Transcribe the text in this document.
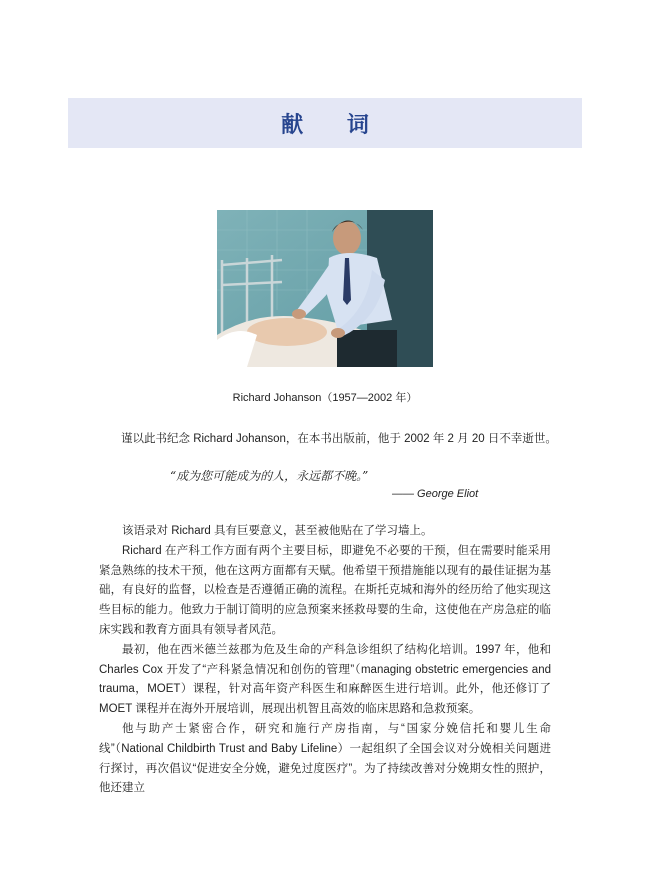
献 词
Richard Johanson（1957—2002 年）
谨以此书纪念 Richard Johanson，在本书出版前，他于 2002 年 2 月 20 日不幸逝世。
“成为您可能成为的人，永远都不晚。”
—— George Eliot

该语录对 Richard 具有巨要意义，甚至被他贴在了学习墙上。

Richard 在产科工作方面有两个主要目标，即避免不必要的干预，但在需要时能采用紧急熟练的技术干预，他在这两方面都有天赋。他希望干预措施能以现有的最佳证据为基础，有良好的监督，以检查是否遵循正确的流程。在斯托克城和海外的经历给了他实现这些目标的能力。他致力于制订简明的应急预案来拯救母婴的生命，这使他在产房急症的临床实践和教育方面具有领导者风范。

最初，他在西米德兰兹郡为危及生命的产科急诊组织了结构化培训。1997 年，他和 Charles Cox 开发了“产科紧急情况和创伤的管理”（managing obstetric emergencies and trauma，MOET）课程，针对高年资产科医生和麻醉医生进行培训。此外，他还修订了 MOET 课程并在海外开展培训，展现出机智且高效的临床思路和急救预案。

他与助产士紧密合作，研究和施行产房指南，与“国家分娩信托和婴儿生命线”（National Childbirth Trust and Baby Lifeline）一起组织了全国会议对分娩相关问题进行探讨，再次倡议“促进安全分娩，避免过度医疗”。为了持续改善对分娩期女性的照护，他还建立
